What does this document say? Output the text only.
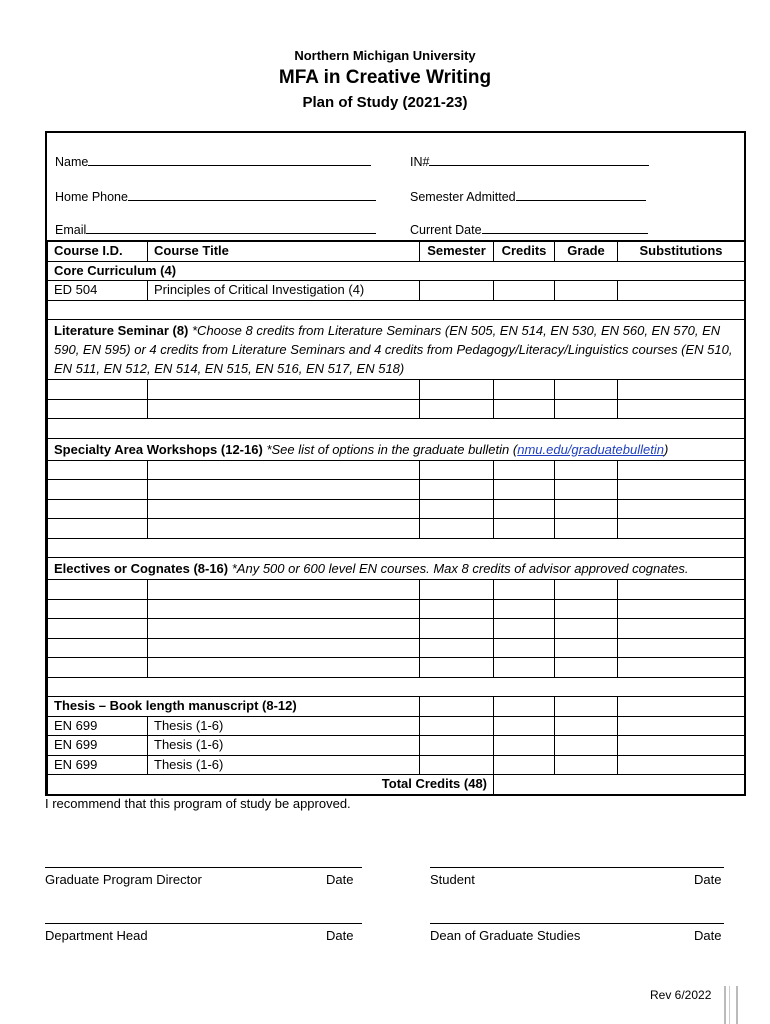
Northern Michigan University
MFA in Creative Writing
Plan of Study (2021-23)
Name	IN#
Home Phone	Semester Admitted
Email	Current Date
Course I.D.	Course Title	Semester	Credits	Grade	Substitutions
Core Curriculum (4)					
ED 504	Principles of Critical Investigation (4)				

Literature Seminar (8) *Choose 8 credits from Literature Seminars (EN 505, EN 514, EN 530, EN 560, EN 570, EN 590, EN 595) or 4 credits from Literature Seminars and 4 credits from Pedagogy/Literacy/Linguistics courses (EN 510, EN 511, EN 512, EN 514, EN 515, EN 516, EN 517, EN 518)					

Specialty Area Workshops (12-16) *See list of options in the graduate bulletin (nmu.edu/graduatebulletin)					

Electives or Cognates (8-16) *Any 500 or 600 level EN courses. Max 8 credits of advisor approved cognates.					

Thesis – Book length manuscript (8-12)					
EN 699	Thesis (1-6)				
EN 699	Thesis (1-6)				
EN 699	Thesis (1-6)				
Total Credits (48)					
I recommend that this program of study be approved.
Graduate Program Director	Date	Student	Date
Department Head	Date	Dean of Graduate Studies	Date
Rev 6/2022
